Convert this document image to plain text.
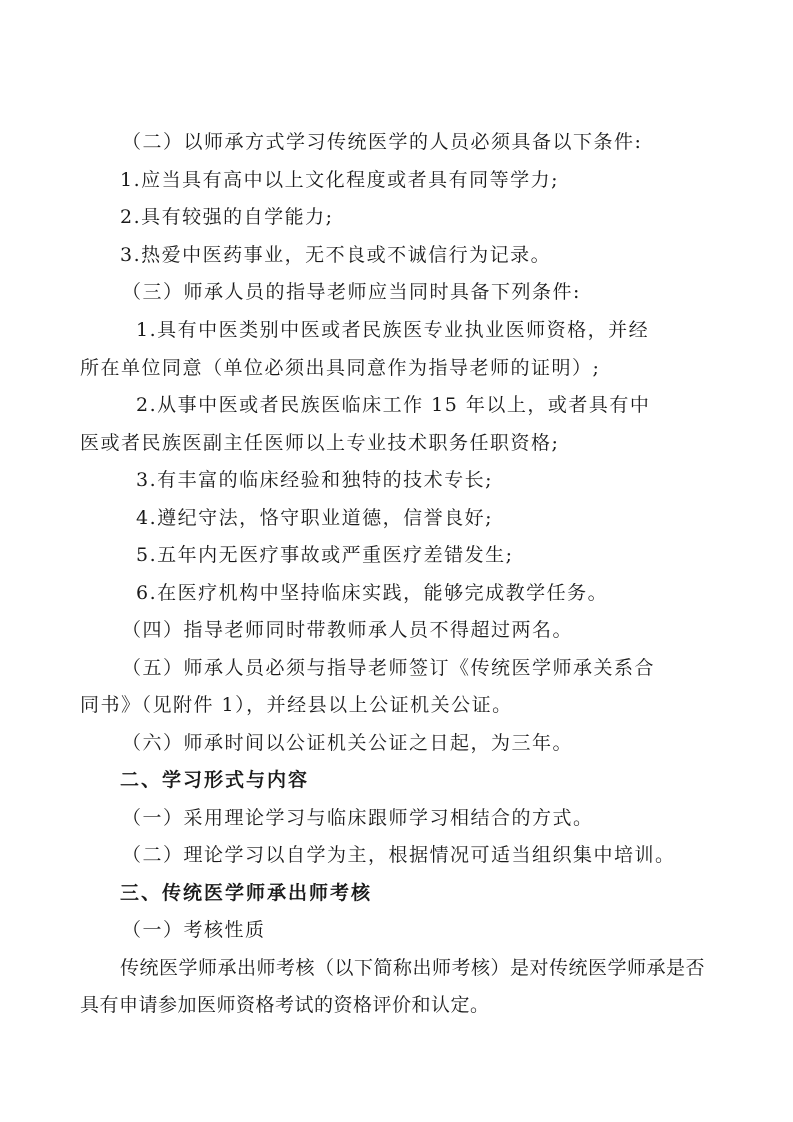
（二）以师承方式学习传统医学的人员必须具备以下条件:
1.应当具有高中以上文化程度或者具有同等学力;
2.具有较强的自学能力;
3.热爱中医药事业，无不良或不诚信行为记录。
（三）师承人员的指导老师应当同时具备下列条件:
1.具有中医类别中医或者民族医专业执业医师资格，并经
所在单位同意（单位必须出具同意作为指导老师的证明）;
2.从事中医或者民族医临床工作 15 年以上，或者具有中
医或者民族医副主任医师以上专业技术职务任职资格;
3.有丰富的临床经验和独特的技术专长;
4.遵纪守法，恪守职业道德，信誉良好;
5.五年内无医疗事故或严重医疗差错发生;
6.在医疗机构中坚持临床实践，能够完成教学任务。
（四）指导老师同时带教师承人员不得超过两名。
（五）师承人员必须与指导老师签订《传统医学师承关系合
同书》（见附件 1），并经县以上公证机关公证。
（六）师承时间以公证机关公证之日起，为三年。
二、学习形式与内容
（一）采用理论学习与临床跟师学习相结合的方式。
（二）理论学习以自学为主，根据情况可适当组织集中培训。
三、传统医学师承出师考核
（一）考核性质
传统医学师承出师考核（以下简称出师考核）是对传统医学师承是否
具有申请参加医师资格考试的资格评价和认定。
